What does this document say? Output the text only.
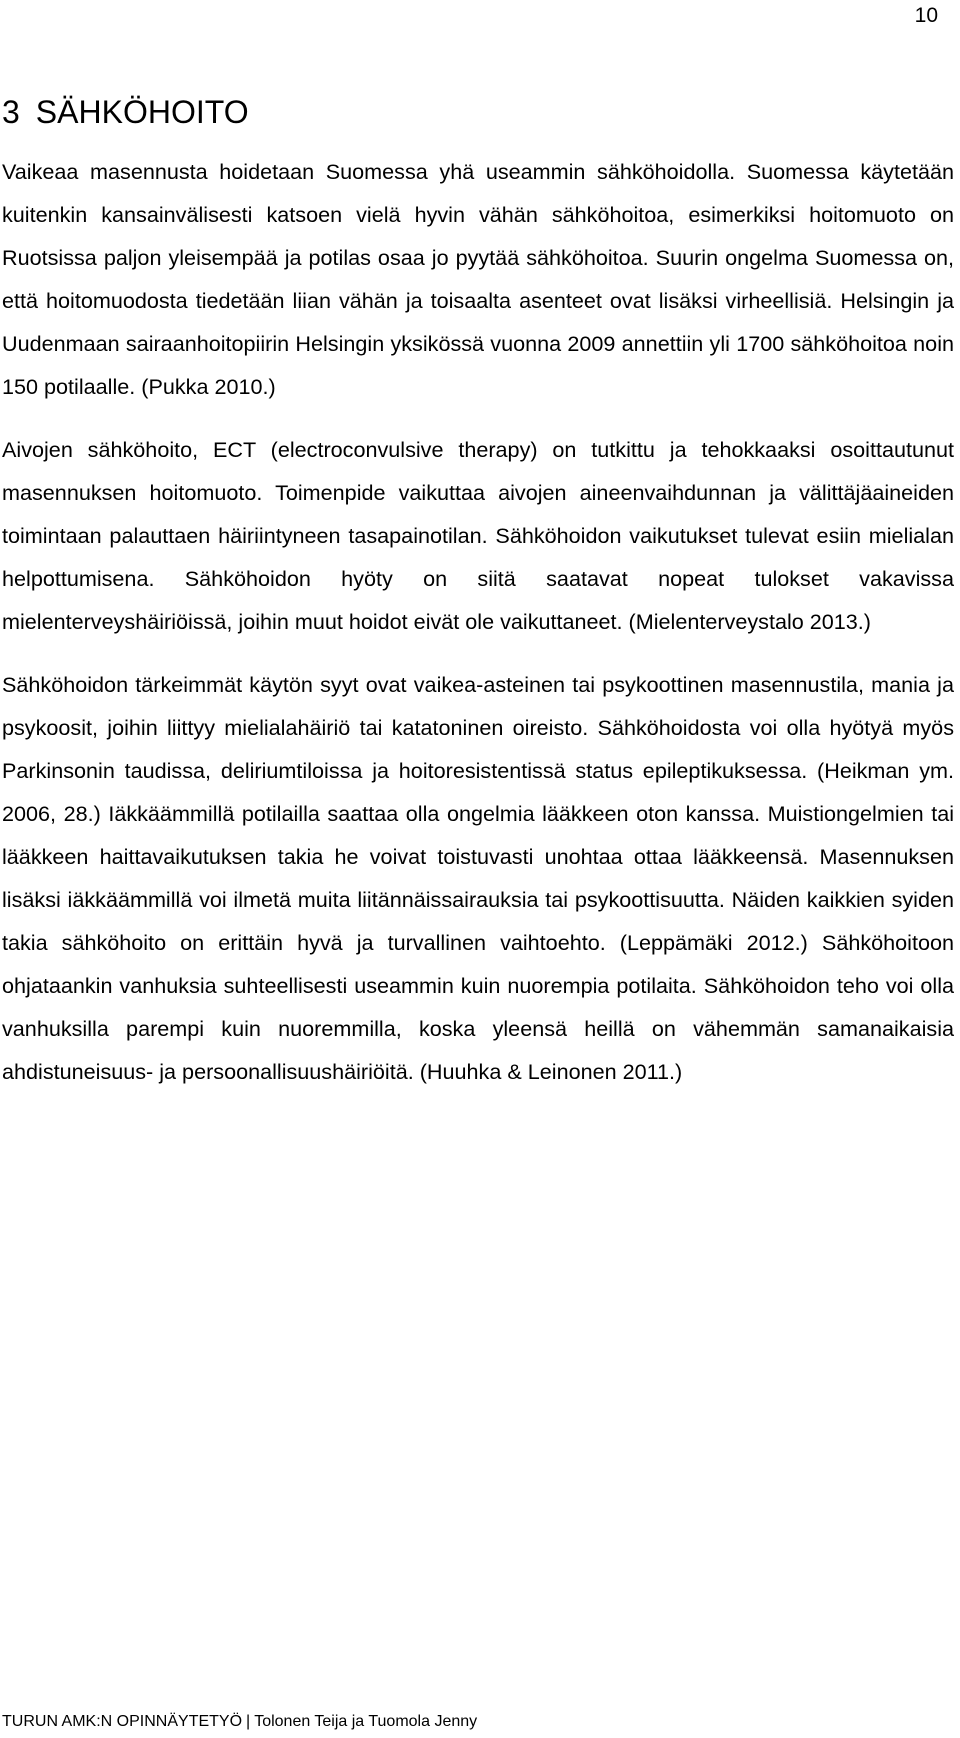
10
3 SÄHKÖHOITO

Vaikeaa masennusta hoidetaan Suomessa yhä useammin sähköhoidolla. Suomessa käytetään kuitenkin kansainvälisesti katsoen vielä hyvin vähän sähköhoitoa, esimerkiksi hoitomuoto on Ruotsissa paljon yleisempää ja potilas osaa jo pyytää sähköhoitoa. Suurin ongelma Suomessa on, että hoitomuodosta tiedetään liian vähän ja toisaalta asenteet ovat lisäksi virheellisiä. Helsingin ja Uudenmaan sairaanhoitopiirin Helsingin yksikössä vuonna 2009 annettiin yli 1700 sähköhoitoa noin 150 potilaalle. (Pukka 2010.)

Aivojen sähköhoito, ECT (electroconvulsive therapy) on tutkittu ja tehokkaaksi osoittautunut masennuksen hoitomuoto. Toimenpide vaikuttaa aivojen aineenvaihdunnan ja välittäjäaineiden toimintaan palauttaen häiriintyneen tasapainotilan. Sähköhoidon vaikutukset tulevat esiin mielialan helpottumisena. Sähköhoidon hyöty on siitä saatavat nopeat tulokset vakavissa mielenterveyshäiriöissä, joihin muut hoidot eivät ole vaikuttaneet. (Mielenterveystalo 2013.)

Sähköhoidon tärkeimmät käytön syyt ovat vaikea-asteinen tai psykoottinen masennustila, mania ja psykoosit, joihin liittyy mielialahäiriö tai katatoninen oireisto. Sähköhoidosta voi olla hyötyä myös Parkinsonin taudissa, deliriumtiloissa ja hoitoresistentissä status epileptikuksessa. (Heikman ym. 2006, 28.) Iäkkäämmillä potilailla saattaa olla ongelmia lääkkeen oton kanssa. Muistiongelmien tai lääkkeen haittavaikutuksen takia he voivat toistuvasti unohtaa ottaa lääkkeensä. Masennuksen lisäksi iäkkäämmillä voi ilmetä muita liitännäissairauksia tai psykoottisuutta. Näiden kaikkien syiden takia sähköhoito on erittäin hyvä ja turvallinen vaihtoehto. (Leppämäki 2012.) Sähköhoitoon ohjataankin vanhuksia suhteellisesti useammin kuin nuorempia potilaita. Sähköhoidon teho voi olla vanhuksilla parempi kuin nuoremmilla, koska yleensä heillä on vähemmän samanaikaisia ahdistuneisuus- ja persoonallisuushäiriöitä. (Huuhka & Leinonen 2011.)

TURUN AMK:N OPINNÄYTETYÖ | Tolonen Teija ja Tuomola Jenny
